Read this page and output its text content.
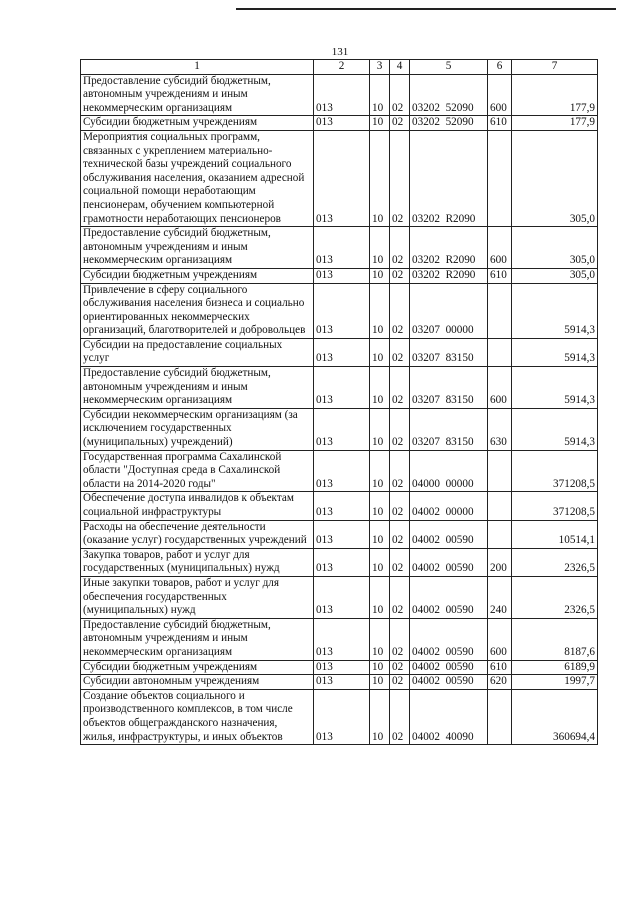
131
1	2	3	4	5	6	7
Предоставление субсидий бюджетным, автономным учреждениям и иным некоммерческим организациям	013	10	02	03202  52090	600	177,9
Субсидии бюджетным учреждениям	013	10	02	03202  52090	610	177,9
Мероприятия социальных программ, связанных с укреплением материально-технической базы учреждений социального обслуживания населения, оказанием адресной социальной помощи неработающим пенсионерам, обучением компьютерной грамотности неработающих пенсионеров	013	10	02	03202  R2090		305,0
Предоставление субсидий бюджетным, автономным учреждениям и иным некоммерческим организациям	013	10	02	03202  R2090	600	305,0
Субсидии бюджетным учреждениям	013	10	02	03202  R2090	610	305,0
Привлечение в сферу социального обслуживания населения бизнеса и социально ориентированных некоммерческих организаций, благотворителей и добровольцев	013	10	02	03207  00000		5914,3
Субсидии на предоставление социальных услуг	013	10	02	03207  83150		5914,3
Предоставление субсидий бюджетным, автономным учреждениям и иным некоммерческим организациям	013	10	02	03207  83150	600	5914,3
Субсидии некоммерческим организациям (за исключением государственных (муниципальных) учреждений)	013	10	02	03207  83150	630	5914,3
Государственная программа Сахалинской области "Доступная среда в Сахалинской области на 2014-2020 годы"	013	10	02	04000  00000		371208,5
Обеспечение доступа инвалидов к объектам социальной инфраструктуры	013	10	02	04002  00000		371208,5
Расходы на обеспечение деятельности (оказание услуг) государственных учреждений	013	10	02	04002  00590		10514,1
Закупка товаров, работ и услуг для государственных (муниципальных) нужд	013	10	02	04002  00590	200	2326,5
Иные закупки товаров, работ и услуг для обеспечения государственных (муниципальных) нужд	013	10	02	04002  00590	240	2326,5
Предоставление субсидий бюджетным, автономным учреждениям и иным некоммерческим организациям	013	10	02	04002  00590	600	8187,6
Субсидии бюджетным учреждениям	013	10	02	04002  00590	610	6189,9
Субсидии автономным учреждениям	013	10	02	04002  00590	620	1997,7
Создание объектов социального и производственного комплексов, в том числе объектов общегражданского назначения, жилья, инфраструктуры, и иных объектов	013	10	02	04002  40090		360694,4
